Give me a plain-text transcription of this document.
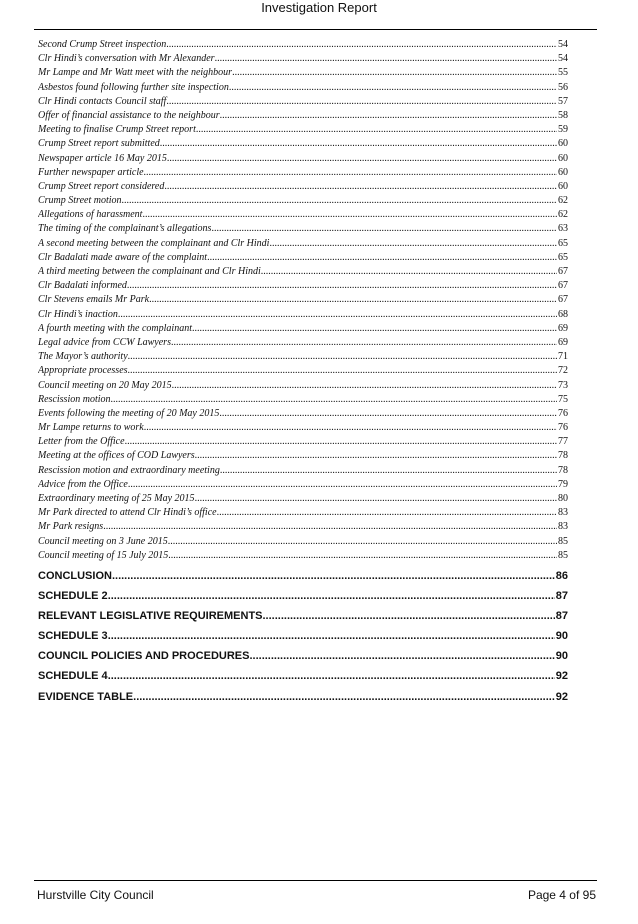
Investigation Report
Second Crump Street inspection .....	54
Clr Hindi’s conversation with Mr Alexander .....	54
Mr Lampe and Mr Watt meet with the neighbour .....	55
Asbestos found following further site inspection .....	56
Clr Hindi contacts Council staff .....	57
Offer of financial assistance to the neighbour .....	58
Meeting to finalise Crump Street report .....	59
Crump Street report submitted .....	60
Newspaper article 16 May 2015 .....	60
Further newspaper article .....	60
Crump Street report considered .....	60
Crump Street motion .....	62
Allegations of harassment .....	62
The timing of the complainant’s allegations .....	63
A second meeting between the complainant and Clr Hindi .....	65
Clr Badalati made aware of the complaint .....	65
A third meeting between the complainant and Clr Hindi .....	67
Clr Badalati informed .....	67
Clr Stevens emails Mr Park .....	67
Clr Hindi’s inaction .....	68
A fourth meeting with the complainant .....	69
Legal advice from CCW Lawyers .....	69
The Mayor’s authority .....	71
Appropriate processes .....	72
Council meeting on 20 May 2015 .....	73
Rescission motion .....	75
Events following the meeting of 20 May 2015 .....	76
Mr Lampe returns to work .....	76
Letter from the Office .....	77
Meeting at the offices of COD Lawyers .....	78
Rescission motion and extraordinary meeting .....	78
Advice from the Office .....	79
Extraordinary meeting of 25 May 2015 .....	80
Mr Park directed to attend Clr Hindi’s office .....	83
Mr Park resigns .....	83
Council meeting on 3 June 2015 .....	85
Council meeting of 15 July 2015 .....	85
CONCLUSION .....	86
SCHEDULE 2 .....	87
RELEVANT LEGISLATIVE REQUIREMENTS .....	87
SCHEDULE 3 .....	90
COUNCIL POLICIES AND PROCEDURES .....	90
SCHEDULE 4 .....	92
EVIDENCE TABLE .....	92
Hurstville City Council	Page 4 of 95
